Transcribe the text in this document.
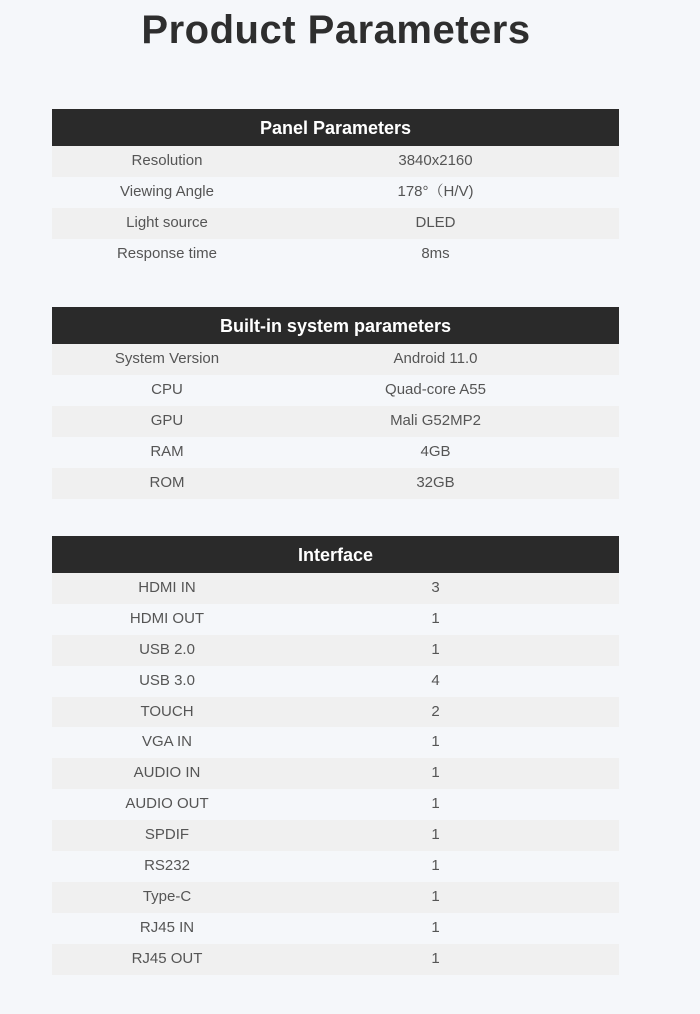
Product Parameters
Panel Parameters
Resolution	3840x2160
Viewing Angle	178°（H/V)
Light source	DLED
Response time	8ms
Built-in system parameters
System Version	Android 11.0
CPU	Quad-core A55
GPU	Mali G52MP2
RAM	4GB
ROM	32GB
Interface
HDMI IN	3
HDMI OUT	1
USB 2.0	1
USB 3.0	4
TOUCH	2
VGA IN	1
AUDIO IN	1
AUDIO OUT	1
SPDIF	1
RS232	1
Type-C	1
RJ45 IN	1
RJ45 OUT	1
